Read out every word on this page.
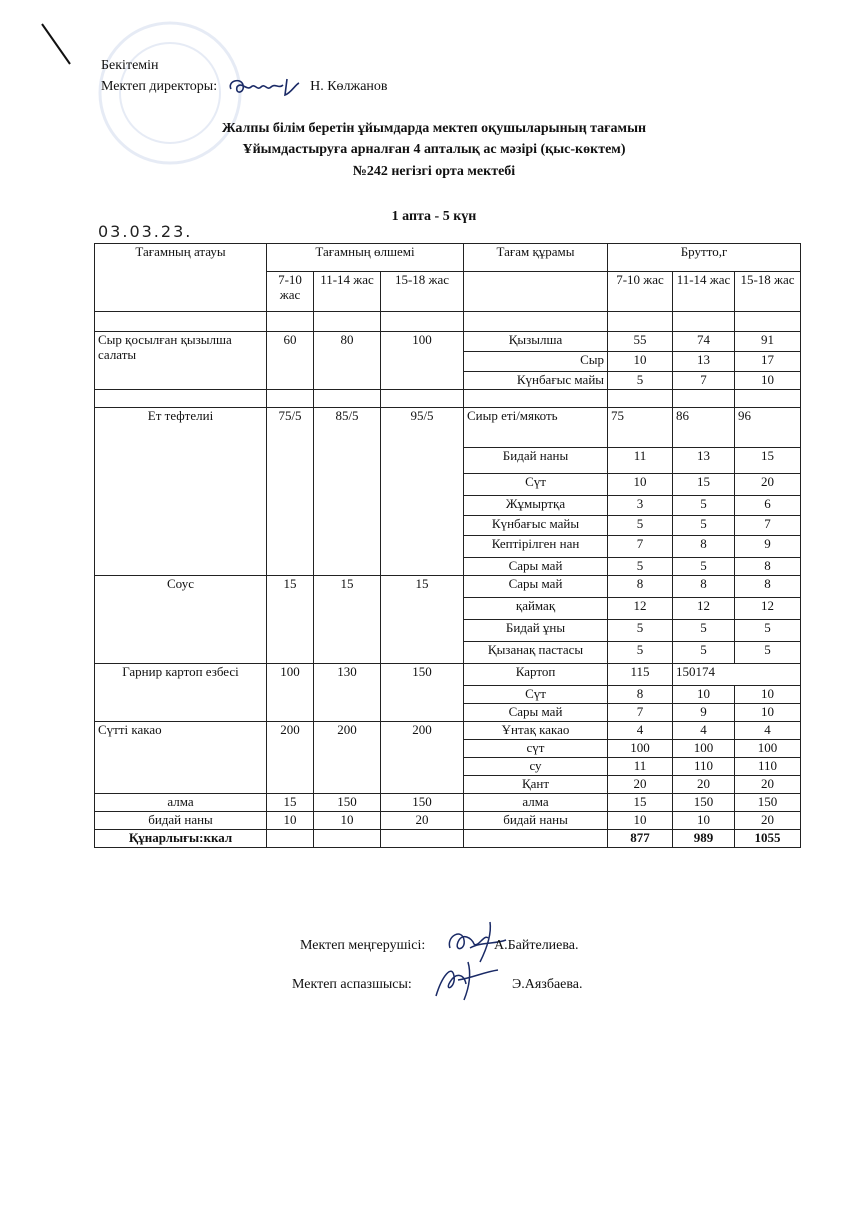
Бекітемін
Мектеп директоры:	Н. Көлжанов
Жалпы білім беретін ұйымдарда мектеп оқушыларының тағамын
Ұйымдастыруға арналған 4 апталық ас мәзірі (қыс-көктем)
№242 негізгі орта мектебі
1 апта - 5 күн
03.03.23.
Тағамның атауы	Тағамның өлшемі			Тағам құрамы	Брутто,г		
	7-10 жас	11-14 жас	15-18 жас		7-10 жас	11-14 жас	15-18 жас

Сыр қосылған қызылша салаты	60	80	100	Қызылша	55	74	91
				Сыр	10	13	17
				Күнбағыс майы	5	7	10

Ет тефтелиі	75/5	85/5	95/5	Сиыр еті/мякоть	75	86	96
				Бидай наны	11	13	15
				Сүт	10	15	20
				Жұмыртқа	3	5	6
				Күнбағыс майы	5	5	7
				Кептірілген нан	7	8	9
				Сары май	5	5	8
Соус	15	15	15	Сары май	8	8	8
				қаймақ	12	12	12
				Бидай ұны	5	5	5
				Қызанақ пастасы	5	5	5
Гарнир картоп езбесі	100	130	150	Картоп	115	150174	
				Сүт	8	10	10
				Сары май	7	9	10
Сүтті какао	200	200	200	Ұнтақ какао	4	4	4
				сүт	100	100	100
				су	11	110	110
				Қант	20	20	20
алма	15	150	150	алма	15	150	150
бидай наны	10	10	20	бидай наны	10	10	20
Құнарлығы:ккал					877	989	1055
Мектеп меңгерушісі:	А.Байтелиева.
Мектеп аспазшысы:	Э.Аязбаева.
